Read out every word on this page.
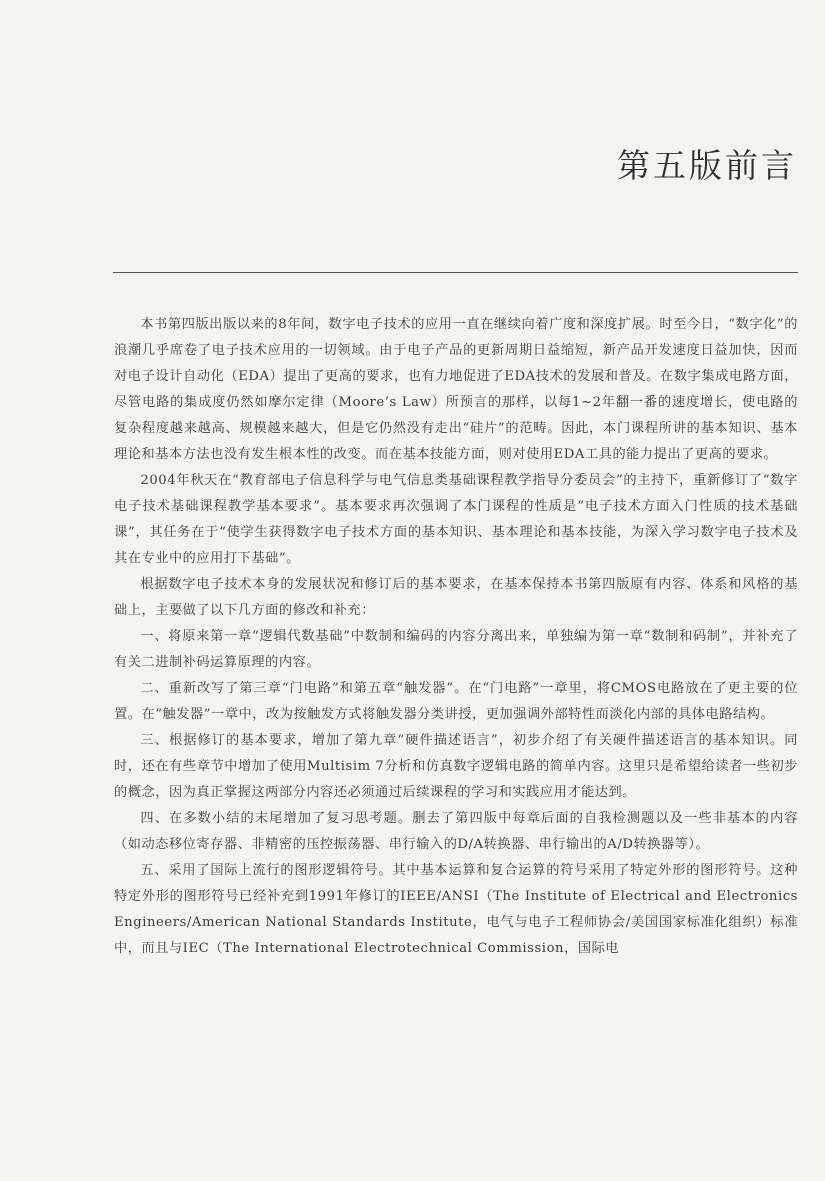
第五版前言

本书第四版出版以来的8年间，数字电子技术的应用一直在继续向着广度和深度扩展。时至今日，“数字化”的浪潮几乎席卷了电子技术应用的一切领域。由于电子产品的更新周期日益缩短，新产品开发速度日益加快，因而对电子设计自动化（EDA）提出了更高的要求，也有力地促进了EDA技术的发展和普及。在数字集成电路方面，尽管电路的集成度仍然如摩尔定律（Moore’s Law）所预言的那样，以每1~2年翻一番的速度增长，使电路的复杂程度越来越高、规模越来越大，但是它仍然没有走出“硅片”的范畴。因此，本门课程所讲的基本知识、基本理论和基本方法也没有发生根本性的改变。而在基本技能方面，则对使用EDA工具的能力提出了更高的要求。

2004年秋天在“教育部电子信息科学与电气信息类基础课程教学指导分委员会”的主持下，重新修订了“数字电子技术基础课程教学基本要求”。基本要求再次强调了本门课程的性质是“电子技术方面入门性质的技术基础课”，其任务在于“使学生获得数字电子技术方面的基本知识、基本理论和基本技能，为深入学习数字电子技术及其在专业中的应用打下基础”。

根据数字电子技术本身的发展状况和修订后的基本要求，在基本保持本书第四版原有内容、体系和风格的基础上，主要做了以下几方面的修改和补充：

一、将原来第一章“逻辑代数基础”中数制和编码的内容分离出来，单独编为第一章“数制和码制”，并补充了有关二进制补码运算原理的内容。

二、重新改写了第三章“门电路”和第五章“触发器”。在“门电路”一章里，将CMOS电路放在了更主要的位置。在“触发器”一章中，改为按触发方式将触发器分类讲授，更加强调外部特性而淡化内部的具体电路结构。

三、根据修订的基本要求，增加了第九章“硬件描述语言”，初步介绍了有关硬件描述语言的基本知识。同时，还在有些章节中增加了使用Multisim 7分析和仿真数字逻辑电路的简单内容。这里只是希望给读者一些初步的概念，因为真正掌握这两部分内容还必须通过后续课程的学习和实践应用才能达到。

四、在多数小结的末尾增加了复习思考题。删去了第四版中每章后面的自我检测题以及一些非基本的内容（如动态移位寄存器、非精密的压控振荡器、串行输入的D/A转换器、串行输出的A/D转换器等）。

五、采用了国际上流行的图形逻辑符号。其中基本运算和复合运算的符号采用了特定外形的图形符号。这种特定外形的图形符号已经补充到1991年修订的IEEE/ANSI（The Institute of Electrical and Electronics Engineers/American National Standards Institute，电气与电子工程师协会/美国国家标准化组织）标准中，而且与IEC（The International Electrotechnical Commission，国际电
